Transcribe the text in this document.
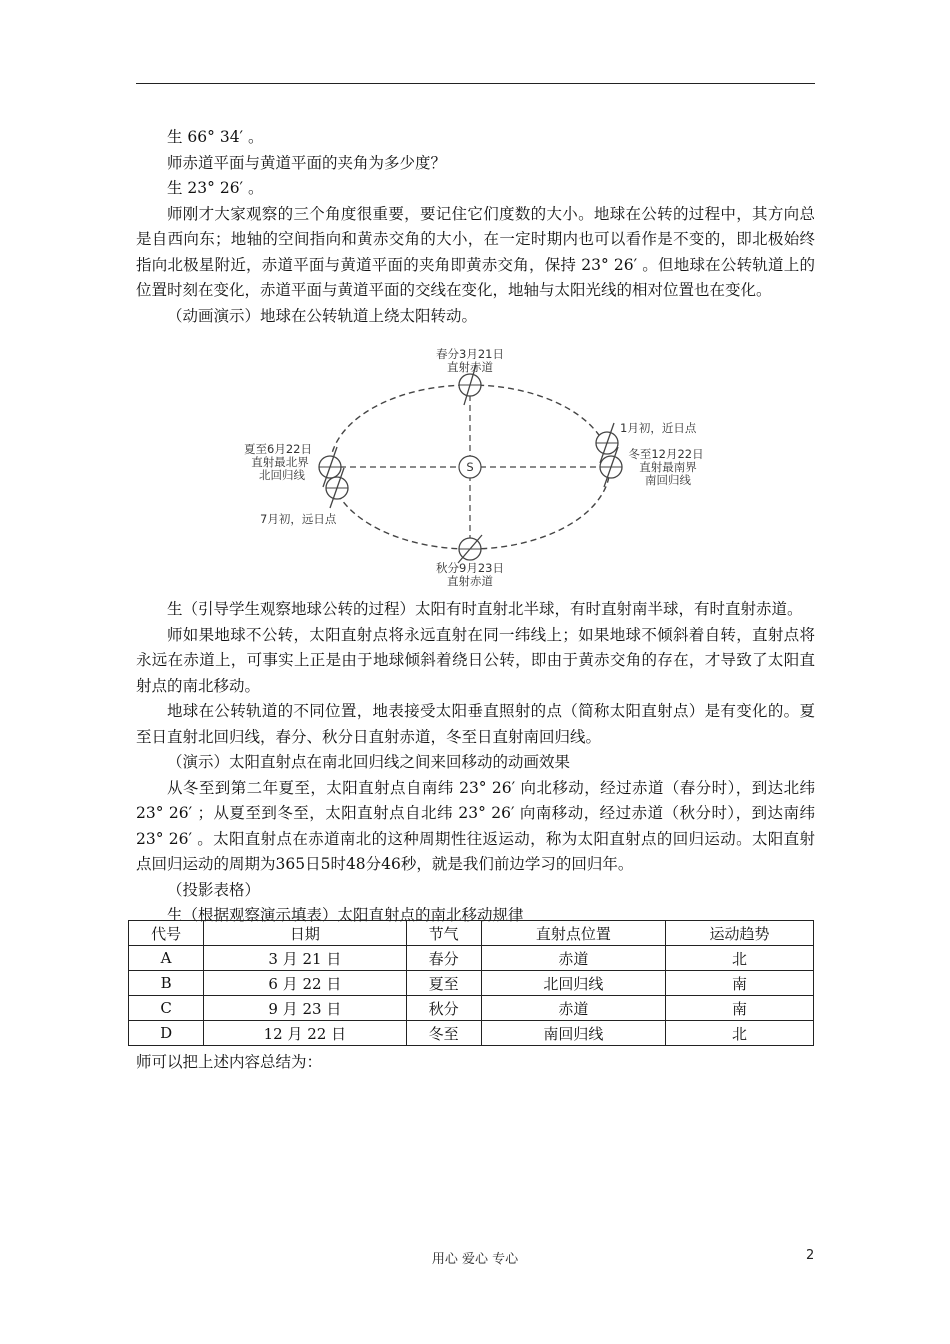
生 66° 34′ 。

师赤道平面与黄道平面的夹角为多少度？

生 23° 26′ 。

师刚才大家观察的三个角度很重要，要记住它们度数的大小。地球在公转的过程中，其方向总是自西向东；地轴的空间指向和黄赤交角的大小，在一定时期内也可以看作是不变的，即北极始终指向北极星附近，赤道平面与黄道平面的夹角即黄赤交角，保持 23° 26′ 。但地球在公转轨道上的位置时刻在变化，赤道平面与黄道平面的交线在变化，地轴与太阳光线的相对位置也在变化。

（动画演示）地球在公转轨道上绕太阳转动。

S
春分3月21日
直射赤道
秋分9月23日
直射赤道
夏至6月22日
直射最北界
北回归线
7月初，远日点
1月初，近日点
冬至12月22日
直射最南界
南回归线

生（引导学生观察地球公转的过程）太阳有时直射北半球，有时直射南半球，有时直射赤道。

师如果地球不公转，太阳直射点将永远直射在同一纬线上；如果地球不倾斜着自转，直射点将永远在赤道上，可事实上正是由于地球倾斜着绕日公转，即由于黄赤交角的存在，才导致了太阳直射点的南北移动。

地球在公转轨道的不同位置，地表接受太阳垂直照射的点（简称太阳直射点）是有变化的。夏至日直射北回归线，春分、秋分日直射赤道，冬至日直射南回归线。

（演示）太阳直射点在南北回归线之间来回移动的动画效果

从冬至到第二年夏至，太阳直射点自南纬 23° 26′ 向北移动，经过赤道（春分时），到达北纬 23° 26′ ；从夏至到冬至，太阳直射点自北纬 23° 26′ 向南移动，经过赤道（秋分时），到达南纬 23° 26′ 。太阳直射点在赤道南北的这种周期性往返运动，称为太阳直射点的回归运动。太阳直射点回归运动的周期为365日5时48分46秒，就是我们前边学习的回归年。

（投影表格）

生（根据观察演示填表）太阳直射点的南北移动规律

代号	日期	节气	直射点位置	运动趋势
A	3 月 21 日	春分	赤道	北
B	6 月 22 日	夏至	北回归线	南
C	9 月 23 日	秋分	赤道	南
D	12 月 22 日	冬至	南回归线	北

师可以把上述内容总结为：

用心 爱心 专心	2
